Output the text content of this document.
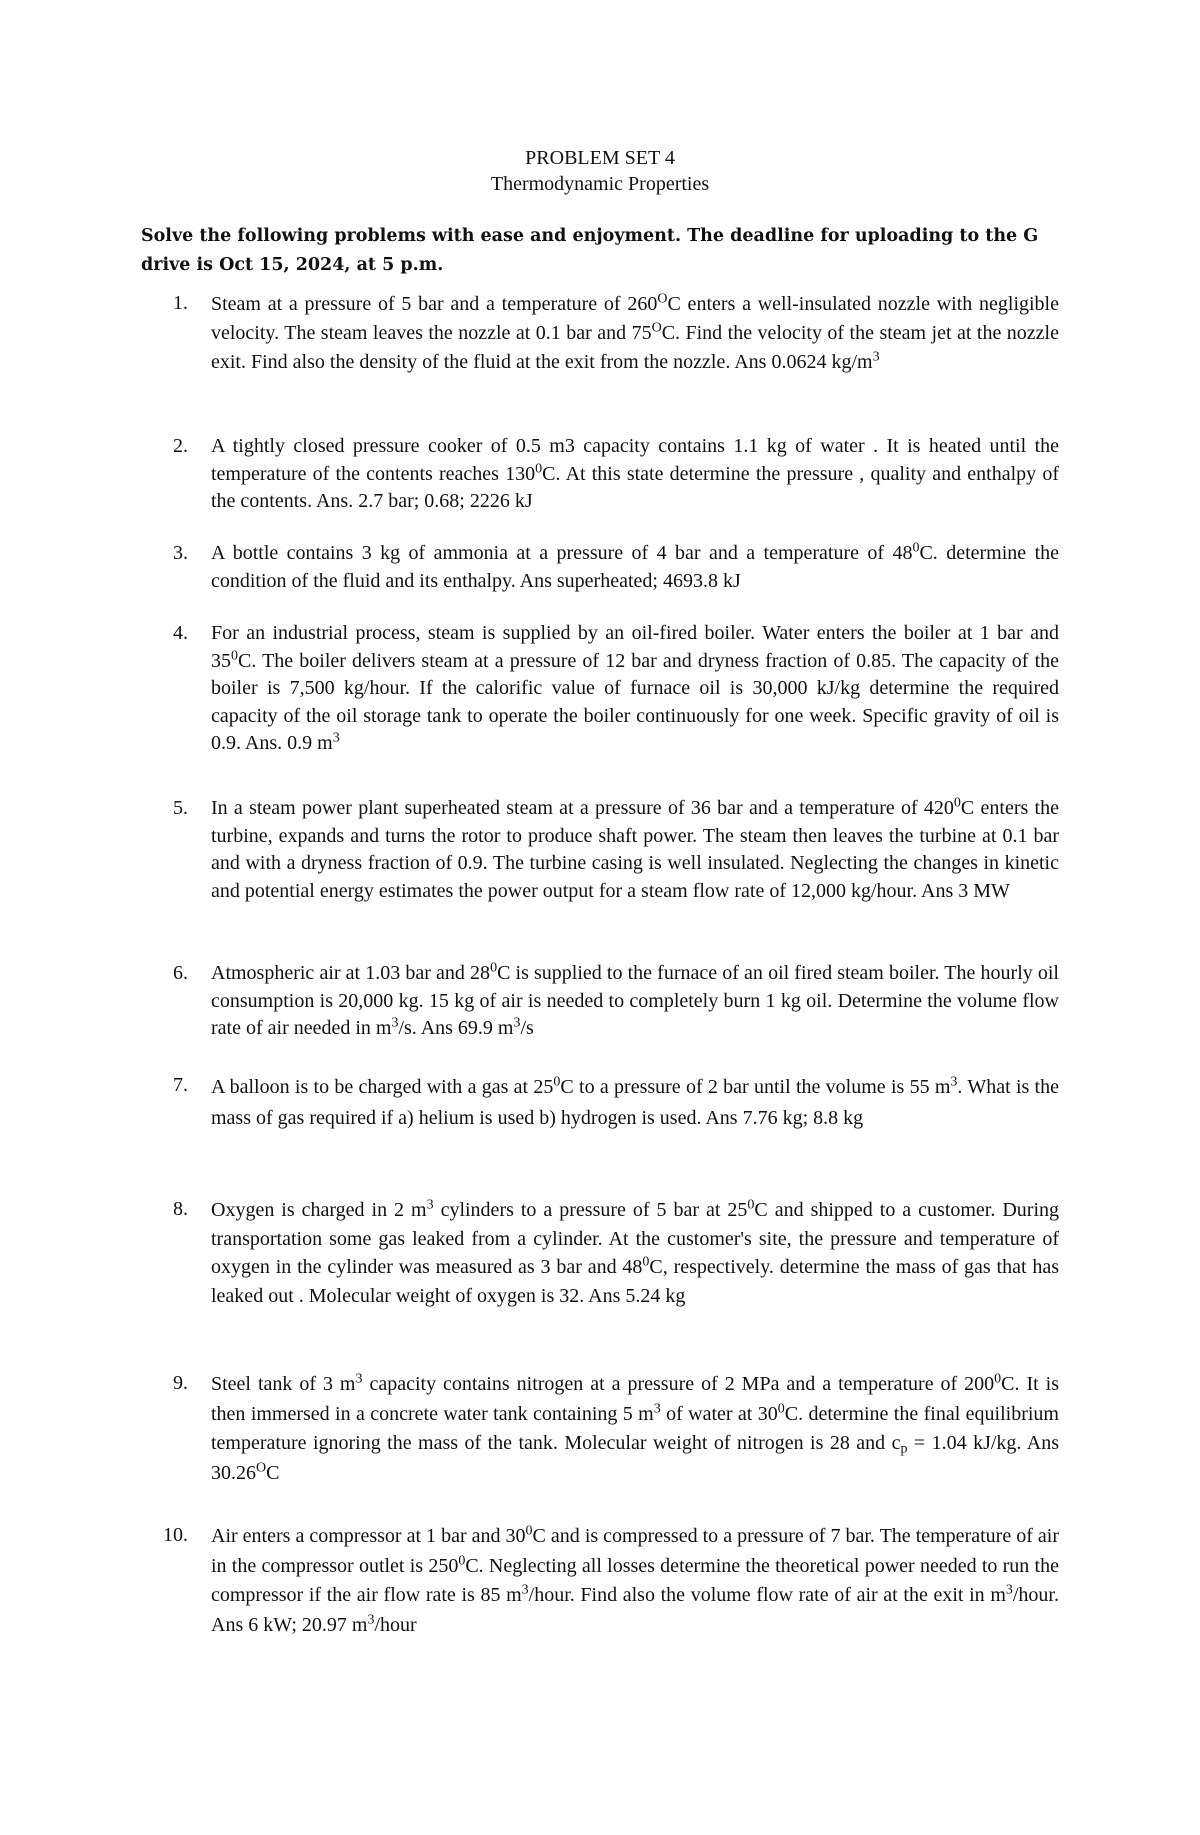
PROBLEM SET 4
Thermodynamic Properties
Solve the following problems with ease and enjoyment. The deadline for uploading to the G drive is Oct 15, 2024, at 5 p.m.
1.	Steam at a pressure of 5 bar and a temperature of $260^OC$ enters a well-insulated nozzle with negligible velocity. The steam leaves the nozzle at 0.1 bar and $75^OC$. Find the velocity of the steam jet at the nozzle exit. Find also the density of the fluid at the exit from the nozzle. Ans 0.0624 $kg/m^3$
2.	A tightly closed pressure cooker of 0.5 m3 capacity contains 1.1 kg of water . It is heated until the temperature of the contents reaches $130^0C$. At this state determine the pressure , quality and enthalpy of the contents. Ans. 2.7 bar; 0.68; 2226 kJ
3.	A bottle contains 3 kg of ammonia at a pressure of 4 bar and a temperature of $48^0C$. determine the condition of the fluid and its enthalpy. Ans superheated; 4693.8 kJ
4.	For an industrial process, steam is supplied by an oil-fired boiler. Water enters the boiler at 1 bar and $35^0C$. The boiler delivers steam at a pressure of 12 bar and dryness fraction of 0.85. The capacity of the boiler is 7,500 kg/hour. If the calorific value of furnace oil is 30,000 kJ/kg determine the required capacity of the oil storage tank to operate the boiler continuously for one week. Specific gravity of oil is 0.9. Ans. 0.9 $m^3$
5.	In a steam power plant superheated steam at a pressure of 36 bar and a temperature of $420^0C$ enters the turbine, expands and turns the rotor to produce shaft power. The steam then leaves the turbine at 0.1 bar and with a dryness fraction of 0.9. The turbine casing is well insulated. Neglecting the changes in kinetic and potential energy estimates the power output for a steam flow rate of 12,000 kg/hour. Ans 3 MW
6.	Atmospheric air at 1.03 bar and $28^0C$ is supplied to the furnace of an oil fired steam boiler. The hourly oil consumption is 20,000 kg. 15 kg of air is needed to completely burn 1 kg oil. Determine the volume flow rate of air needed in $m^3/s$. Ans 69.9 $m^3/s$
7.	A balloon is to be charged with a gas at $25^0C$ to a pressure of 2 bar until the volume is 55 $m^3$. What is the mass of gas required if a) helium is used b) hydrogen is used. Ans 7.76 kg; 8.8 kg
8.	Oxygen is charged in 2 $m^3$ cylinders to a pressure of 5 bar at $25^0C$ and shipped to a customer. During transportation some gas leaked from a cylinder. At the customer's site, the pressure and temperature of oxygen in the cylinder was measured as 3 bar and $48^0C$, respectively. determine the mass of gas that has leaked out . Molecular weight of oxygen is 32. Ans 5.24 kg
9.	Steel tank of 3 $m^3$ capacity contains nitrogen at a pressure of 2 MPa and a temperature of $200^0C$. It is then immersed in a concrete water tank containing 5 $m^3$ of water at $30^0C$. determine the final equilibrium temperature ignoring the mass of the tank. Molecular weight of nitrogen is 28 and $c_p = 1.04$ kJ/kg. Ans $30.26^OC$
10.	Air enters a compressor at 1 bar and $30^0C$ and is compressed to a pressure of 7 bar. The temperature of air in the compressor outlet is $250^0C$. Neglecting all losses determine the theoretical power needed to run the compressor if the air flow rate is 85 $m^3$/hour. Find also the volume flow rate of air at the exit in $m^3$/hour. Ans 6 kW; 20.97 $m^3$/hour
